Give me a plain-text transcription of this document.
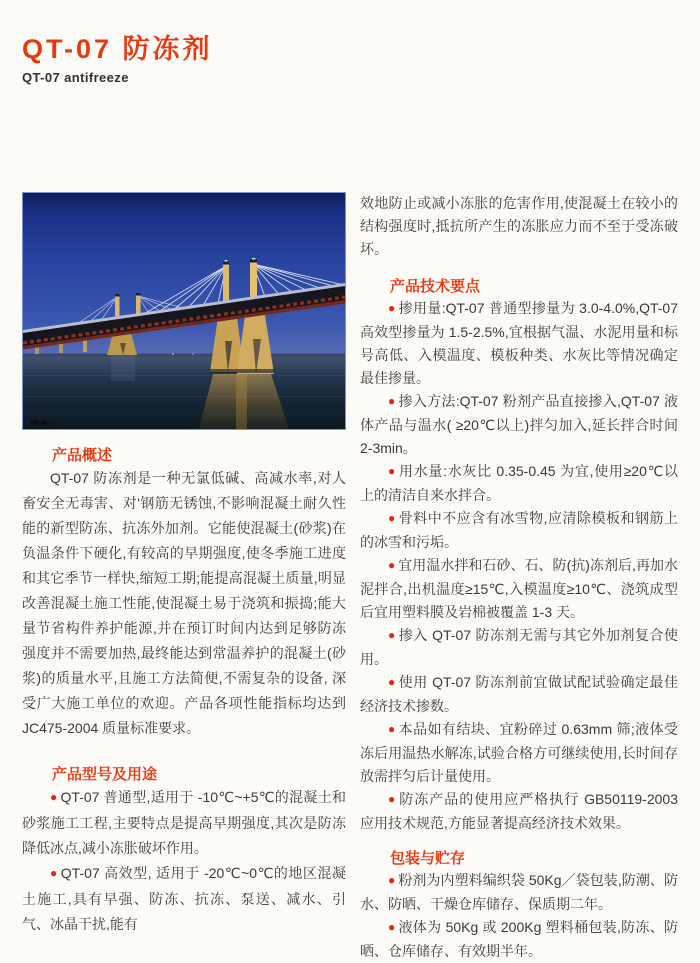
QT-07 防冻剂
QT-07 antifreeze
产品概述

QT-07 防冻剂是一种无氯低碱、高减水率,对人畜安全无毒害、对'钢筋无锈蚀,不影响混凝土耐久性能的新型防冻、抗冻外加剂。它能使混凝土(砂浆)在负温条件下硬化,有较高的早期强度,使冬季施工进度和其它季节一样快,缩短工期;能提高混凝土质量,明显改善混凝土施工性能,使混凝土易于浇筑和振捣;能大量节省构件养护能源,并在预订时间内达到足够防冻强度并不需要加热,最终能达到常温养护的混凝土(砂浆)的质量水平,且施工方法简便,不需复杂的设备, 深受广大施工单位的欢迎。产品各项性能指标均达到 JC475-2004 质量标准要求。

产品型号及用途

● QT-07 普通型,适用于 -10℃~+5℃的混凝土和砂浆施工工程,主要特点是提高早期强度,其次是防冻降低冰点,减小冻胀破坏作用。

● QT-07 高效型, 适用于 -20℃~0℃的地区混凝土施工,具有早强、防冻、抗冻、泵送、减水、引气、冰晶干扰,能有

效地防止或减小冻胀的危害作用,使混凝土在较小的结构强度时,抵抗所产生的冻胀应力而不至于受冻破坏。

产品技术要点

● 掺用量:QT-07 普通型掺量为 3.0-4.0%,QT-07 高效型掺量为 1.5-2.5%,宜根据气温、水泥用量和标号高低、入模温度、模板种类、水灰比等情况确定最佳掺量。

● 掺入方法:QT-07 粉剂产品直接掺入,QT-07 液体产品与温水( ≥20℃以上)拌匀加入,延长拌合时间 2-3min。

● 用水量:水灰比 0.35-0.45 为宜,使用≥20℃以上的清洁自来水拌合。

● 骨料中不应含有冰雪物,应清除模板和钢筋上的冰雪和污垢。

● 宜用温水拌和石砂、石、防(抗)冻剂后,再加水泥拌合,出机温度≥15℃,入模温度≥10℃、浇筑成型后宜用塑料膜及岩棉被覆盖 1-3 天。

● 掺入 QT-07 防冻剂无需与其它外加剂复合使用。

● 使用 QT-07 防冻剂前宜做试配试验确定最佳经济技术掺数。

● 本品如有结块、宜粉碎过 0.63mm 筛;液体受冻后用温热水解冻,试验合格方可继续使用,长时间存放需拌匀后计量使用。

● 防冻产品的使用应严格执行 GB50119-2003 应用技术规范,方能显著提高经济技术效果。

包装与贮存

● 粉剂为内塑料编织袋 50Kg／袋包装,防潮、防水、防晒、干燥仓库储存、保质期二年。

● 液体为 50Kg 或 200Kg 塑料桶包装,防冻、防晒、仓库储存、有效期半年。
